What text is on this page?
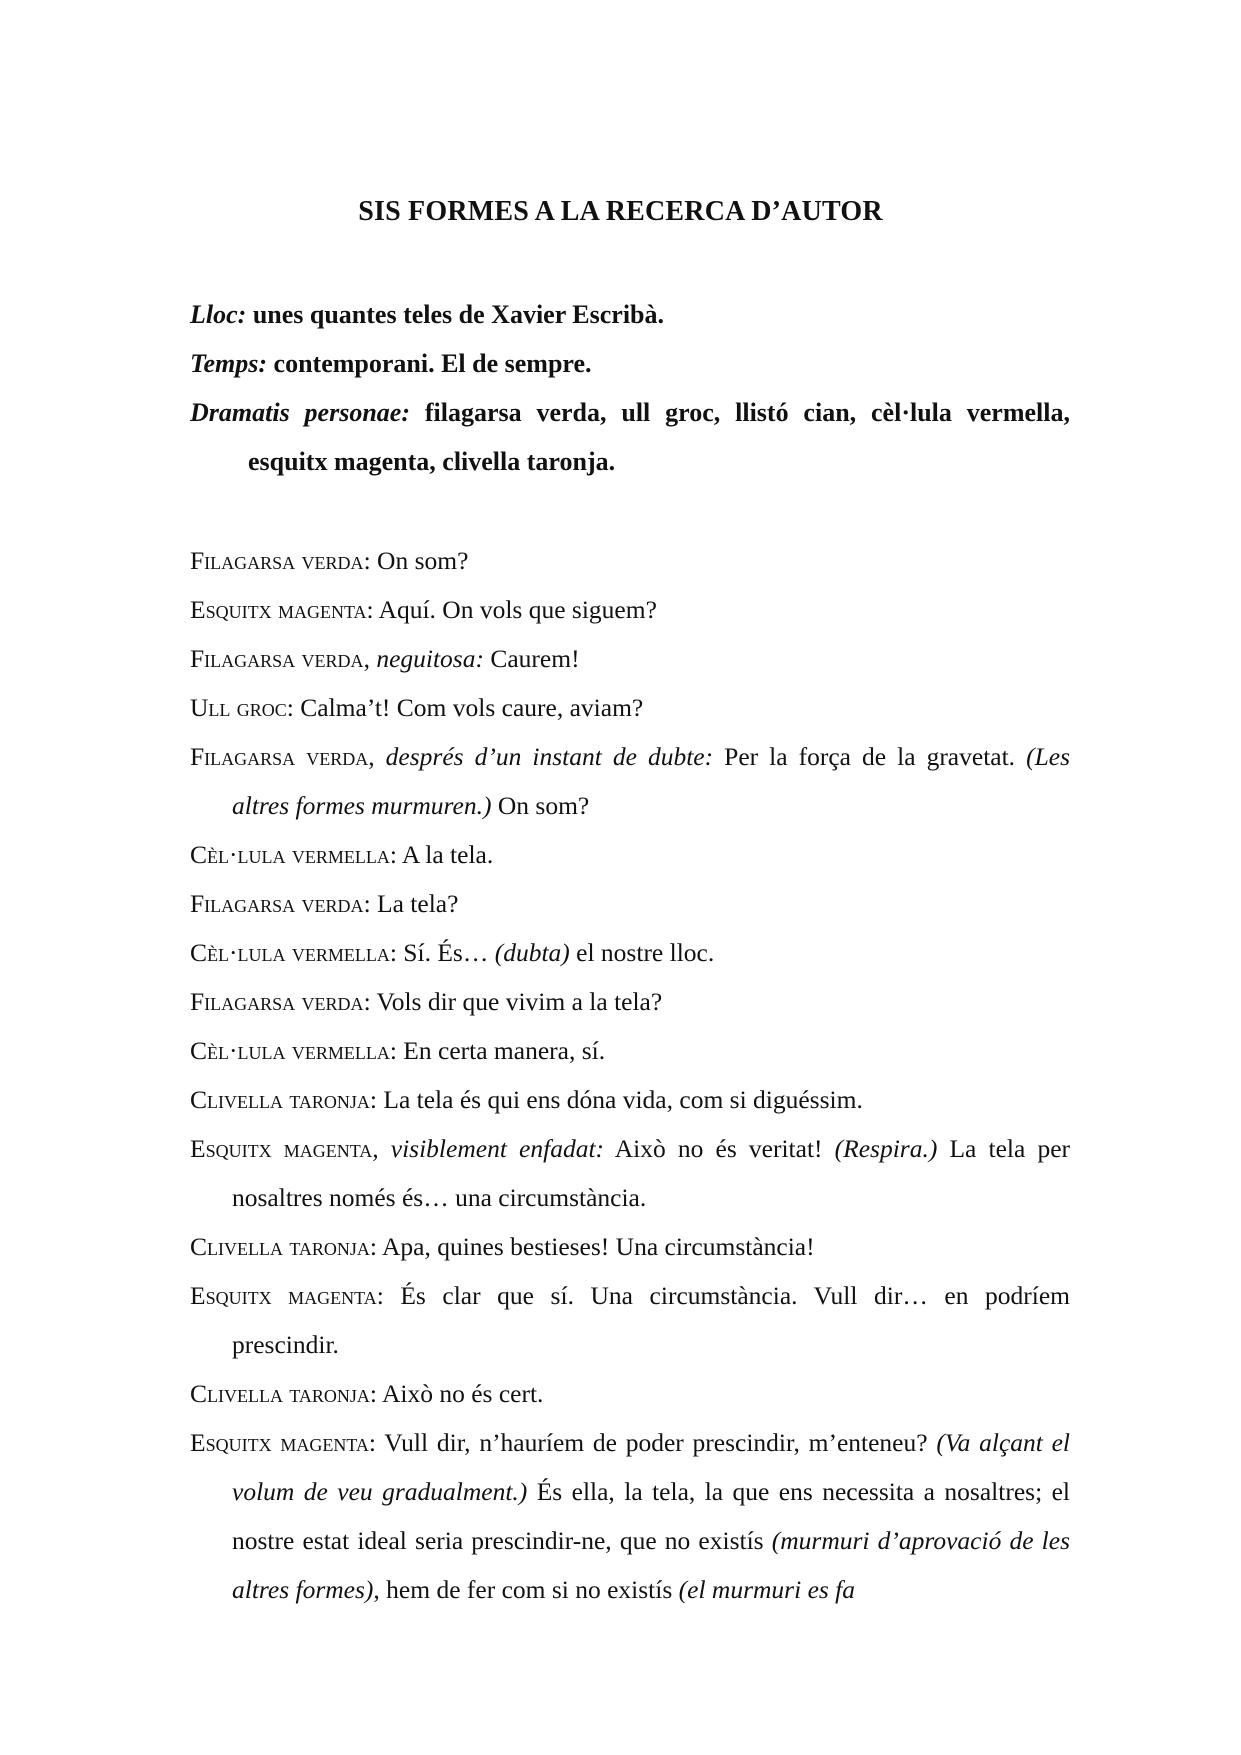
SIS FORMES A LA RECERCA D’AUTOR

Lloc: unes quantes teles de Xavier Escribà.

Temps: contemporani. El de sempre.

Dramatis personae: filagarsa verda, ull groc, llistó cian, cèl·lula vermella, esquitx magenta, clivella taronja.

Filagarsa verda: On som?

Esquitx magenta: Aquí. On vols que siguem?

Filagarsa verda, neguitosa: Caurem!

Ull groc: Calma’t! Com vols caure, aviam?

Filagarsa verda, després d’un instant de dubte: Per la força de la gravetat. (Les altres formes murmuren.) On som?

Cèl·lula vermella: A la tela.

Filagarsa verda: La tela?

Cèl·lula vermella: Sí. És… (dubta) el nostre lloc.

Filagarsa verda: Vols dir que vivim a la tela?

Cèl·lula vermella: En certa manera, sí.

Clivella taronja: La tela és qui ens dóna vida, com si diguéssim.

Esquitx magenta, visiblement enfadat: Això no és veritat! (Respira.) La tela per nosaltres només és… una circumstància.

Clivella taronja: Apa, quines bestieses! Una circumstància!

Esquitx magenta: És clar que sí. Una circumstància. Vull dir… en podríem prescindir.

Clivella taronja: Això no és cert.

Esquitx magenta: Vull dir, n’hauríem de poder prescindir, m’enteneu? (Va alçant el volum de veu gradualment.) És ella, la tela, la que ens necessita a nosaltres; el nostre estat ideal seria prescindir-ne, que no existís (murmuri d’aprovació de les altres formes), hem de fer com si no existís (el murmuri es fa
